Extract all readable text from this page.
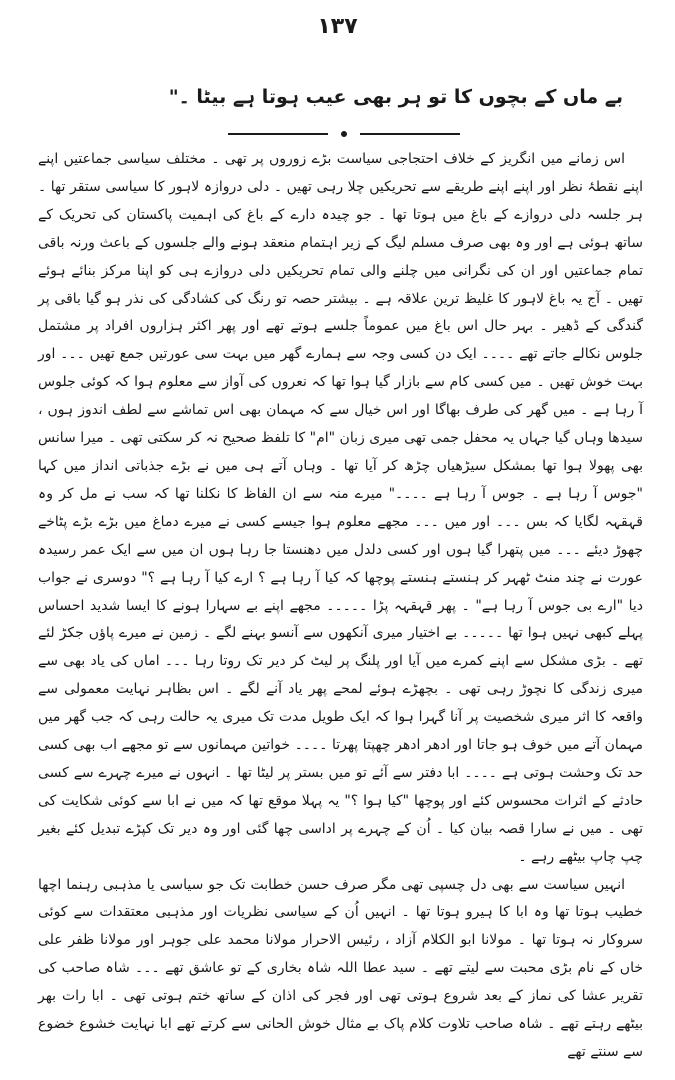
۱۳۷
بے ماں کے بچوں کا تو ہر بھی عیب ہوتا ہے بیٹا ۔"

اس زمانے میں انگریز کے خلاف احتجاجی سیاست بڑے زوروں پر تھی ۔ مختلف سیاسی جماعتیں اپنے اپنے نقطۂ نظر اور اپنے اپنے طریقے سے تحریکیں چلا رہی تھیں ۔ دلی دروازہ لاہور کا سیاسی ستقر تھا ۔ ہر جلسہ دلی دروازے کے باغ میں ہوتا تھا ۔ جو چیدہ دارے کے باغ کی اہمیت پاکستان کی تحریک کے ساتھ ہوئی ہے اور وہ بھی صرف مسلم لیگ کے زیر اہتمام منعقد ہونے والے جلسوں کے باعث ورنہ باقی تمام جماعتیں اور ان کی نگرانی میں چلنے والی تمام تحریکیں دلی دروازے ہی کو اپنا مرکز بنائے ہوئے تھیں ۔ آج یہ باغ لاہور کا غلیظ ترین علاقہ ہے ۔ بیشتر حصہ تو رنگ کی کشادگی کی نذر ہو گیا باقی پر گندگی کے ڈھیر ۔ بہر حال اس باغ میں عموماً جلسے ہوتے تھے اور پھر اکثر ہزاروں افراد پر مشتمل جلوس نکالے جاتے تھے ۔۔۔۔ ایک دن کسی وجہ سے ہمارے گھر میں بہت سی عورتیں جمع تھیں ۔۔۔ اور بہت خوش تھیں ۔ میں کسی کام سے بازار گیا ہوا تھا کہ نعروں کی آواز سے معلوم ہوا کہ کوئی جلوس آ رہا ہے ۔ میں گھر کی طرف بھاگا اور اس خیال سے کہ مہمان بھی اس تماشے سے لطف اندوز ہوں ، سیدھا وہاں گیا جہاں یہ محفل جمی تھی میری زبان "ام" کا تلفظ صحیح نہ کر سکتی تھی ۔ میرا سانس بھی پھولا ہوا تھا بمشکل سیڑھیاں چڑھ کر آیا تھا ۔ وہاں آتے ہی میں نے بڑے جذباتی انداز میں کہا "جوس آ رہا ہے ۔ جوس آ رہا ہے ۔۔۔۔" میرے منہ سے ان الفاظ کا نکلنا تھا کہ سب نے مل کر وہ قہقہہ لگایا کہ بس ۔۔۔ اور میں ۔۔۔ مجھے معلوم ہوا جیسے کسی نے میرے دماغ میں بڑے بڑے پٹاخے چھوڑ دیئے ۔۔۔ میں پتھرا گیا ہوں اور کسی دلدل میں دھنستا جا رہا ہوں ان میں سے ایک عمر رسیدہ عورت نے چند منٹ ٹھہر کر ہنستے ہنستے پوچھا کہ کیا آ رہا ہے ؟ ارے کیا آ رہا ہے ؟" دوسری نے جواب دیا "ارے بی جوس آ رہا ہے" ۔ پھر قہقہہ پڑا ۔۔۔۔۔ مجھے اپنے بے سہارا ہونے کا ایسا شدید احساس پہلے کبھی نہیں ہوا تھا ۔۔۔۔۔ بے اختیار میری آنکھوں سے آنسو بہنے لگے ۔ زمین نے میرے پاؤں جکڑ لئے تھے ۔ بڑی مشکل سے اپنے کمرے میں آیا اور پلنگ پر لیٹ کر دیر تک روتا رہا ۔۔۔ اماں کی یاد بھی سے میری زندگی کا نچوڑ رہی تھی ۔ بچھڑے ہوئے لمحے پھر یاد آنے لگے ۔ اس بظاہر نہایت معمولی سے واقعہ کا اثر میری شخصیت پر آنا گہرا ہوا کہ ایک طویل مدت تک میری یہ حالت رہی کہ جب گھر میں مہمان آتے میں خوف ہو جاتا اور ادھر ادھر چھپتا پھرتا ۔۔۔۔ خواتین مہمانوں سے تو مجھے اب بھی کسی حد تک وحشت ہوتی ہے ۔۔۔۔ ابا دفتر سے آئے تو میں بستر پر لیٹا تھا ۔ انہوں نے میرے چہرے سے کسی حادثے کے اثرات محسوس کئے اور پوچھا "کیا ہوا ؟" یہ پہلا موقع تھا کہ میں نے ابا سے کوئی شکایت کی تھی ۔ میں نے سارا قصہ بیان کیا ۔ اُن کے چہرے پر اداسی چھا گئی اور وہ دیر تک کپڑے تبدیل کئے بغیر چپ چاپ بیٹھے رہے ۔

انہیں سیاست سے بھی دل چسپی تھی مگر صرف حسن خطابت تک جو سیاسی یا مذہبی رہنما اچھا خطیب ہوتا تھا وہ ابا کا ہیرو ہوتا تھا ۔ انہیں اُن کے سیاسی نظریات اور مذہبی معتقدات سے کوئی سروکار نہ ہوتا تھا ۔ مولانا ابو الکلام آزاد ، رئیس الاحرار مولانا محمد علی جوہر اور مولانا ظفر علی خاں کے نام بڑی محبت سے لیتے تھے ۔ سید عطا اللہ شاہ بخاری کے تو عاشق تھے ۔۔۔ شاہ صاحب کی تقریر عشا کی نماز کے بعد شروع ہوتی تھی اور فجر کی اذان کے ساتھ ختم ہوتی تھی ۔ ابا رات بھر بیٹھے رہتے تھے ۔ شاہ صاحب تلاوت کلام پاک بے مثال خوش الحانی سے کرتے تھے ابا نہایت خشوع خضوع سے سنتے تھے
